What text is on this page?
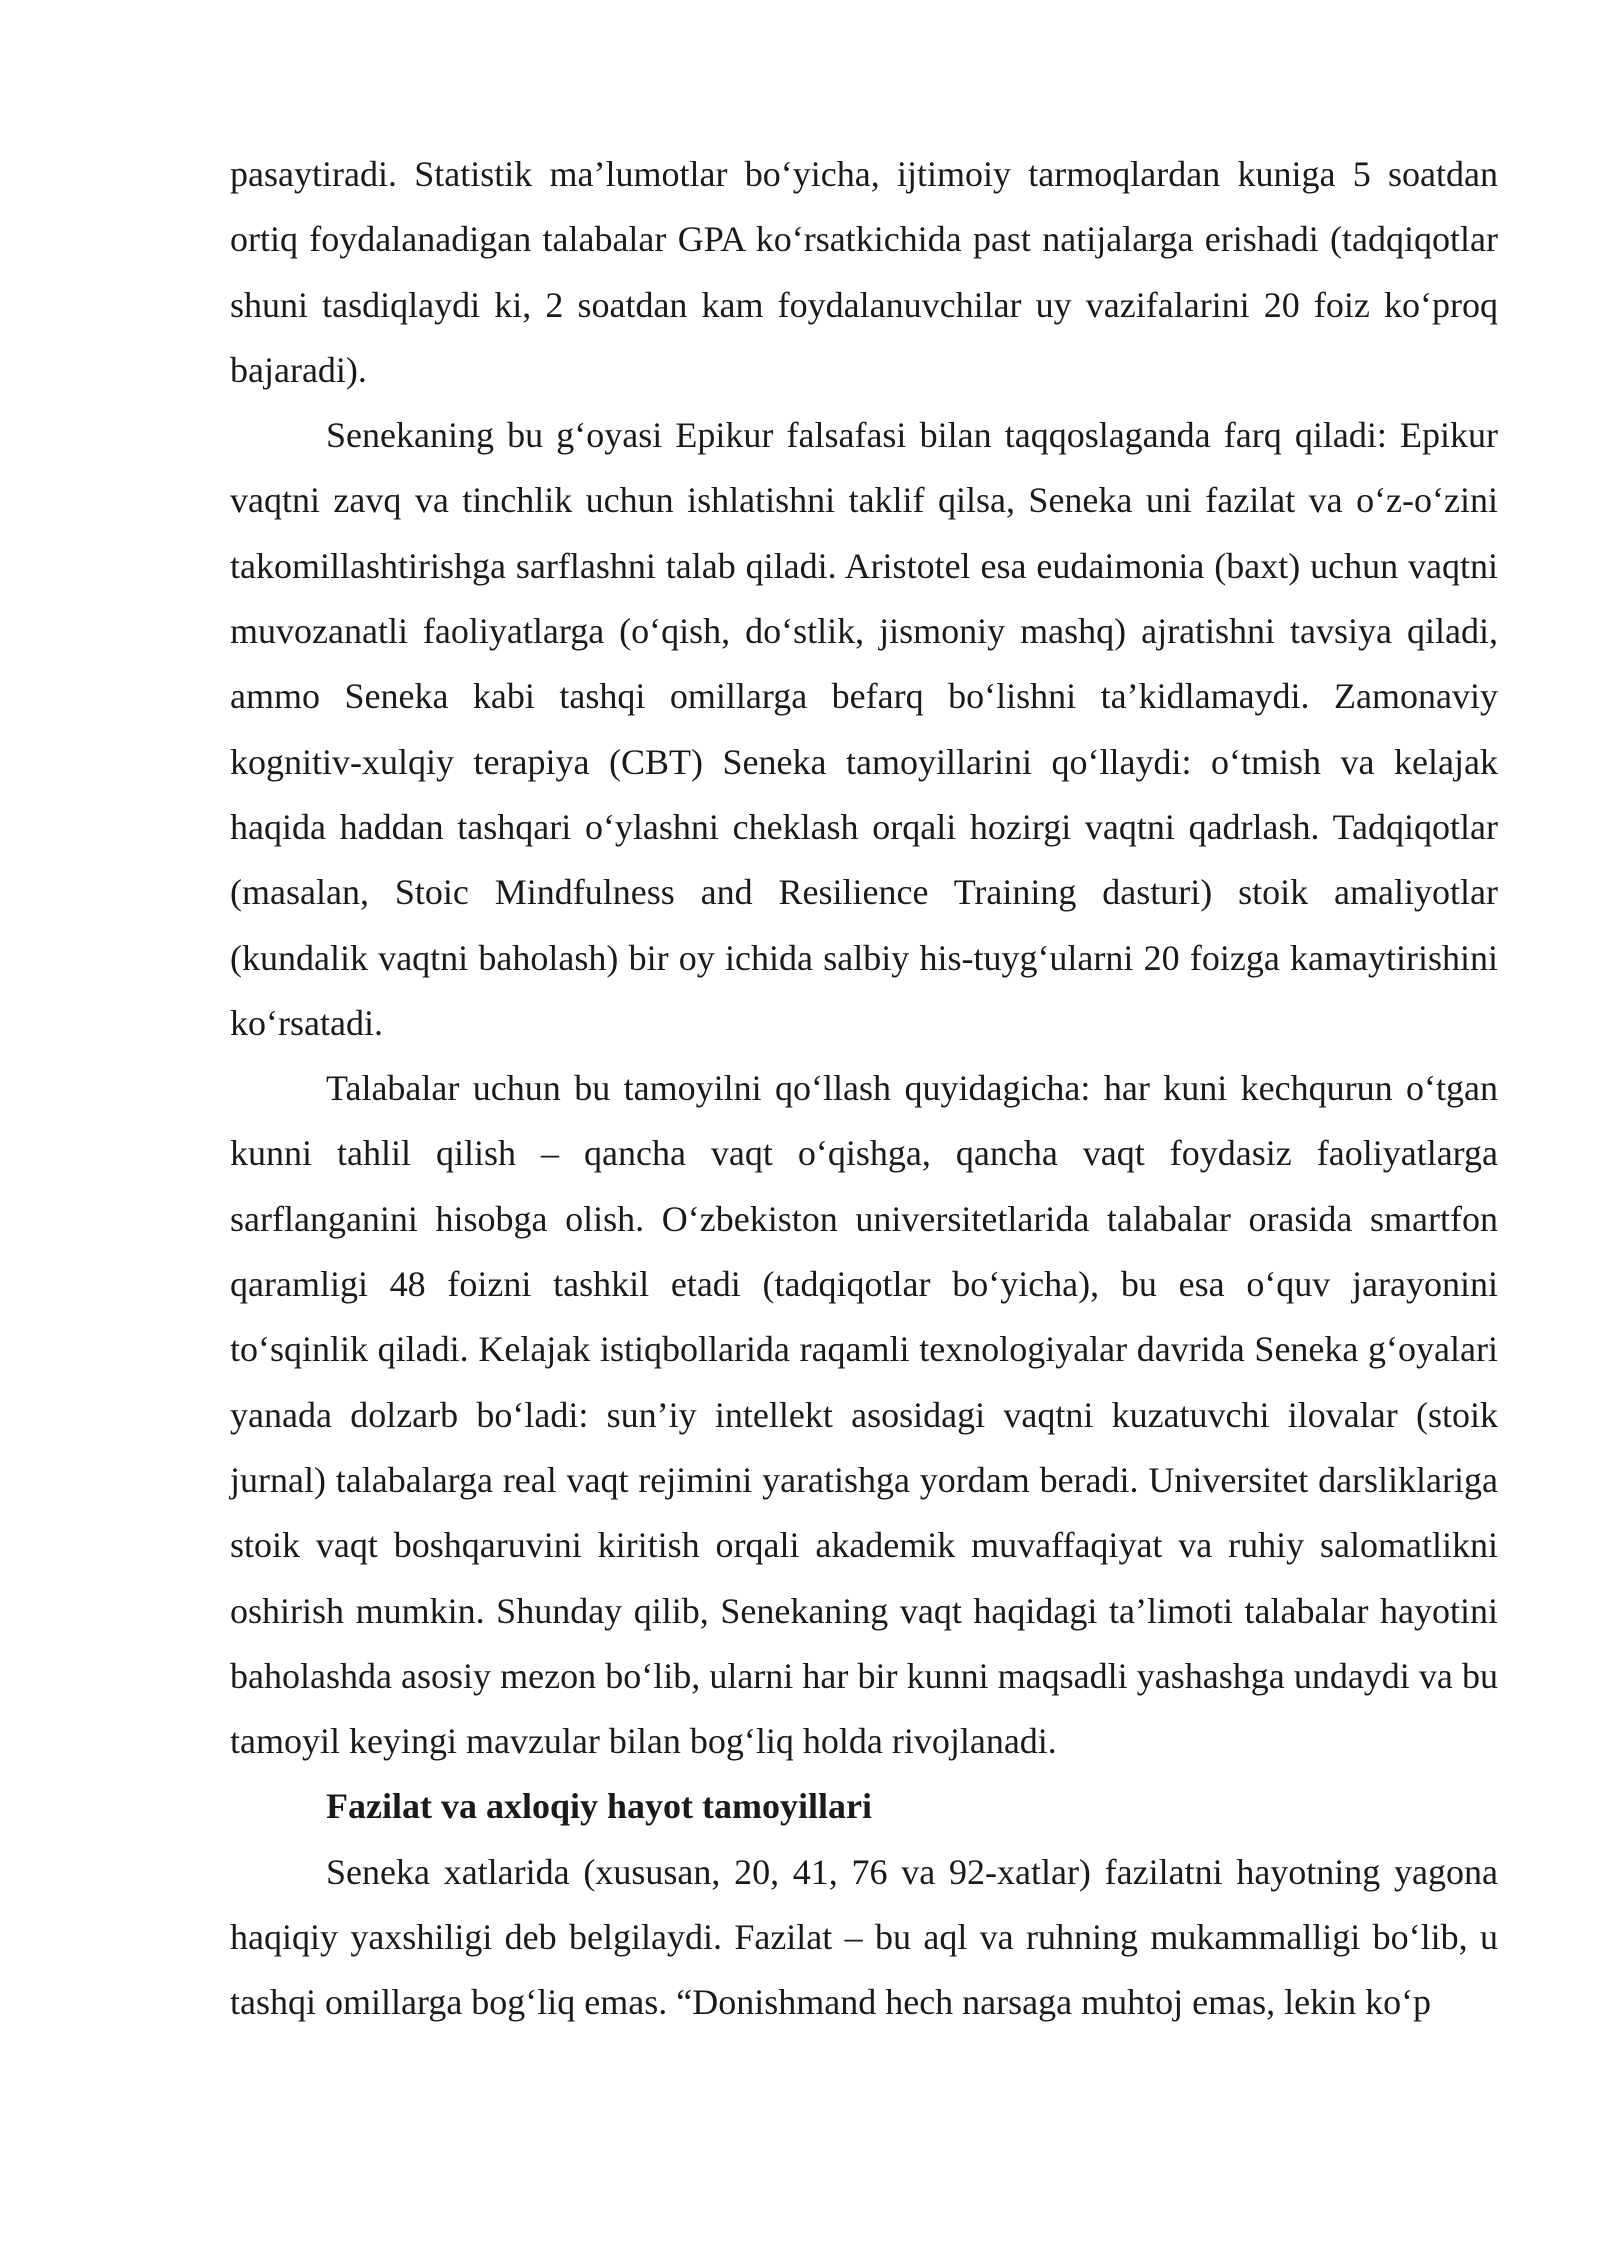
pasaytiradi. Statistik ma’lumotlar bo‘yicha, ijtimoiy tarmoqlardan kuniga 5 soatdan ortiq foydalanadigan talabalar GPA ko‘rsatkichida past natijalarga erishadi (tadqiqotlar shuni tasdiqlaydi ki, 2 soatdan kam foydalanuvchilar uy vazifalarini 20 foiz ko‘proq bajaradi).

Senekaning bu g‘oyasi Epikur falsafasi bilan taqqoslaganda farq qiladi: Epikur vaqtni zavq va tinchlik uchun ishlatishni taklif qilsa, Seneka uni fazilat va o‘z-o‘zini takomillashtirishga sarflashni talab qiladi. Aristotel esa eudaimonia (baxt) uchun vaqtni muvozanatli faoliyatlarga (o‘qish, do‘stlik, jismoniy mashq) ajratishni tavsiya qiladi, ammo Seneka kabi tashqi omillarga befarq bo‘lishni ta’kidlamaydi. Zamonaviy kognitiv-xulqiy terapiya (CBT) Seneka tamoyillarini qo‘llaydi: o‘tmish va kelajak haqida haddan tashqari o‘ylashni cheklash orqali hozirgi vaqtni qadrlash. Tadqiqotlar (masalan, Stoic Mindfulness and Resilience Training dasturi) stoik amaliyotlar (kundalik vaqtni baholash) bir oy ichida salbiy his-tuyg‘ularni 20 foizga kamaytirishini ko‘rsatadi.

Talabalar uchun bu tamoyilni qo‘llash quyidagicha: har kuni kechqurun o‘tgan kunni tahlil qilish – qancha vaqt o‘qishga, qancha vaqt foydasiz faoliyatlarga sarflanganini hisobga olish. O‘zbekiston universitetlarida talabalar orasida smartfon qaramligi 48 foizni tashkil etadi (tadqiqotlar bo‘yicha), bu esa o‘quv jarayonini to‘sqinlik qiladi. Kelajak istiqbollarida raqamli texnologiyalar davrida Seneka g‘oyalari yanada dolzarb bo‘ladi: sun’iy intellekt asosidagi vaqtni kuzatuvchi ilovalar (stoik jurnal) talabalarga real vaqt rejimini yaratishga yordam beradi. Universitet darsliklariga stoik vaqt boshqaruvini kiritish orqali akademik muvaffaqiyat va ruhiy salomatlikni oshirish mumkin. Shunday qilib, Senekaning vaqt haqidagi ta’limoti talabalar hayotini baholashda asosiy mezon bo‘lib, ularni har bir kunni maqsadli yashashga undaydi va bu tamoyil keyingi mavzular bilan bog‘liq holda rivojlanadi.

Fazilat va axloqiy hayot tamoyillari

Seneka xatlarida (xususan, 20, 41, 76 va 92-xatlar) fazilatni hayotning yagona haqiqiy yaxshiligi deb belgilaydi. Fazilat – bu aql va ruhning mukammalligi bo‘lib, u tashqi omillarga bog‘liq emas. “Donishmand hech narsaga muhtoj emas, lekin ko‘p
